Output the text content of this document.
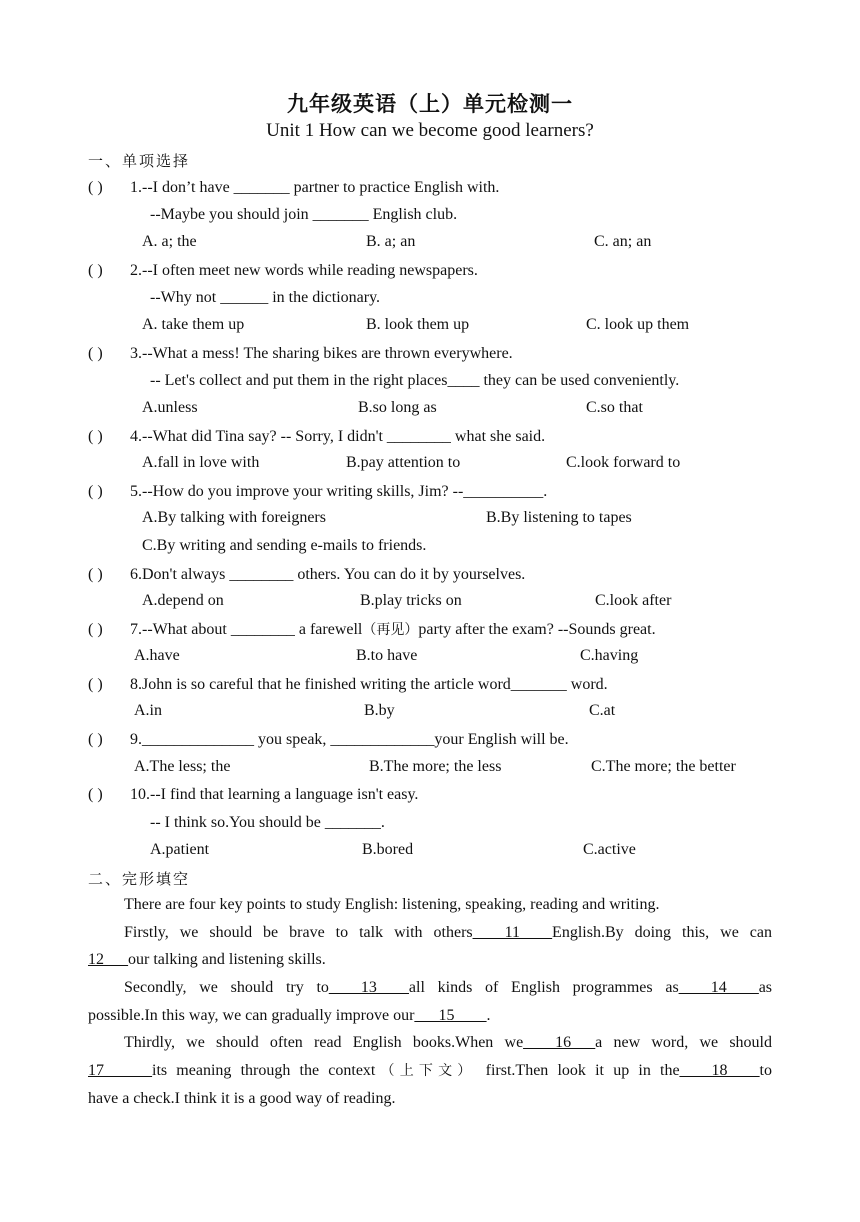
九年级英语（上）单元检测一
Unit 1 How can we become good learners?
一、单项选择
( ) 1.--I don’t have _______ partner to practice English with.
--Maybe you should join _______ English club.
A. a; the	B. a; an	C. an; an
( ) 2.--I often meet new words while reading newspapers.
--Why not ______ in the dictionary.
A. take them up	B. look them up	C. look up them
( ) 3.--What a mess! The sharing bikes are thrown everywhere.
-- Let's collect and put them in the right places____ they can be used conveniently.
A.unless	B.so long as	C.so that
( ) 4.--What did Tina say? -- Sorry, I didn't ________ what she said.
A.fall in love with	B.pay attention to	C.look forward to
( ) 5.--How do you improve your writing skills, Jim? --__________.
A.By talking with foreigners	B.By listening to tapes
C.By writing and sending e-mails to friends.
( ) 6.Don't always ________ others. You can do it by yourselves.
A.depend on	B.play tricks on	C.look after
( ) 7.--What about ________ a farewell（再见）party after the exam? --Sounds great.
A.have	B.to have	C.having
( ) 8.John is so careful that he finished writing the article word_______ word.
A.in	B.by	C.at
( ) 9.______________ you speak, _____________your English will be.
A.The less; the	B.The more; the less	C.The more; the better
( ) 10.--I find that learning a language isn't easy.
-- I think so.You should be _______.
A.patient	B.bored	C.active
二、完形填空
There are four key points to study English: listening, speaking, reading and writing.
Firstly, we should be brave to talk with others____11____English.By doing this, we can
12___our talking and listening skills.
Secondly, we should try to____13____all kinds of English programmes as____14____as
possible.In this way, we can gradually improve our___15____.
Thirdly, we should often read English books.When we____16___a new word, we should
17______its meaning through the context（上下文） first.Then look it up in the____18____to
have a check.I think it is a good way of reading.
